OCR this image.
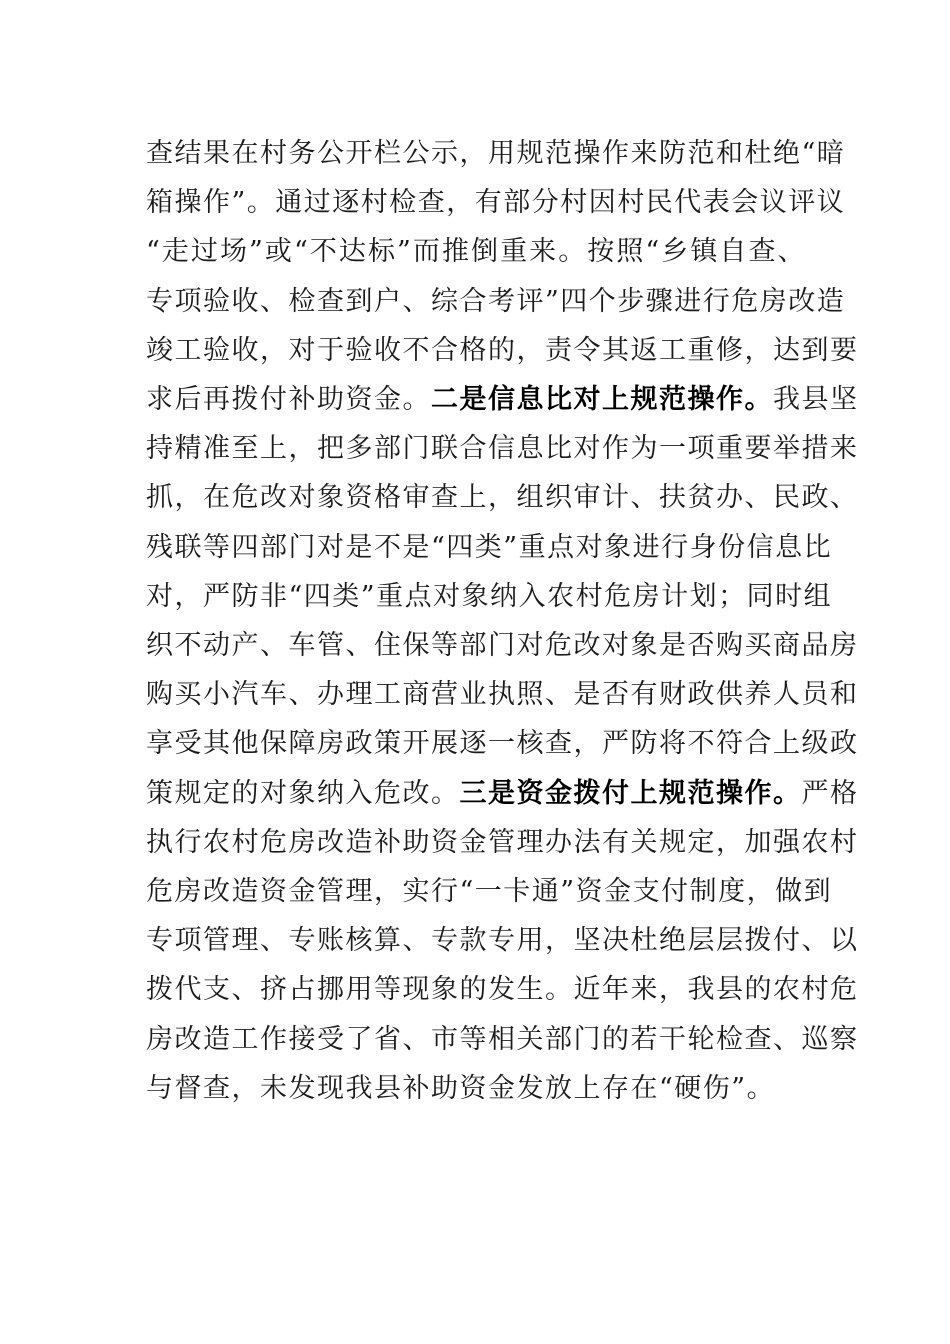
查结果在村务公开栏公示，用规范操作来防范和杜绝“暗
箱操作”。通过逐村检查，有部分村因村民代表会议评议
“走过场”或“不达标”而推倒重来。按照“乡镇自查、
专项验收、检查到户、综合考评”四个步骤进行危房改造
竣工验收，对于验收不合格的，责令其返工重修，达到要
求后再拨付补助资金。二是信息比对上规范操作。我县坚
持精准至上，把多部门联合信息比对作为一项重要举措来
抓，在危改对象资格审查上，组织审计、扶贫办、民政、
残联等四部门对是不是“四类”重点对象进行身份信息比
对，严防非“四类”重点对象纳入农村危房计划；同时组
织不动产、车管、住保等部门对危改对象是否购买商品房
购买小汽车、办理工商营业执照、是否有财政供养人员和
享受其他保障房政策开展逐一核查，严防将不符合上级政
策规定的对象纳入危改。三是资金拨付上规范操作。严格
执行农村危房改造补助资金管理办法有关规定，加强农村
危房改造资金管理，实行“一卡通”资金支付制度，做到
专项管理、专账核算、专款专用，坚决杜绝层层拨付、以
拨代支、挤占挪用等现象的发生。近年来，我县的农村危
房改造工作接受了省、市等相关部门的若干轮检查、巡察
与督查，未发现我县补助资金发放上存在“硬伤”。
